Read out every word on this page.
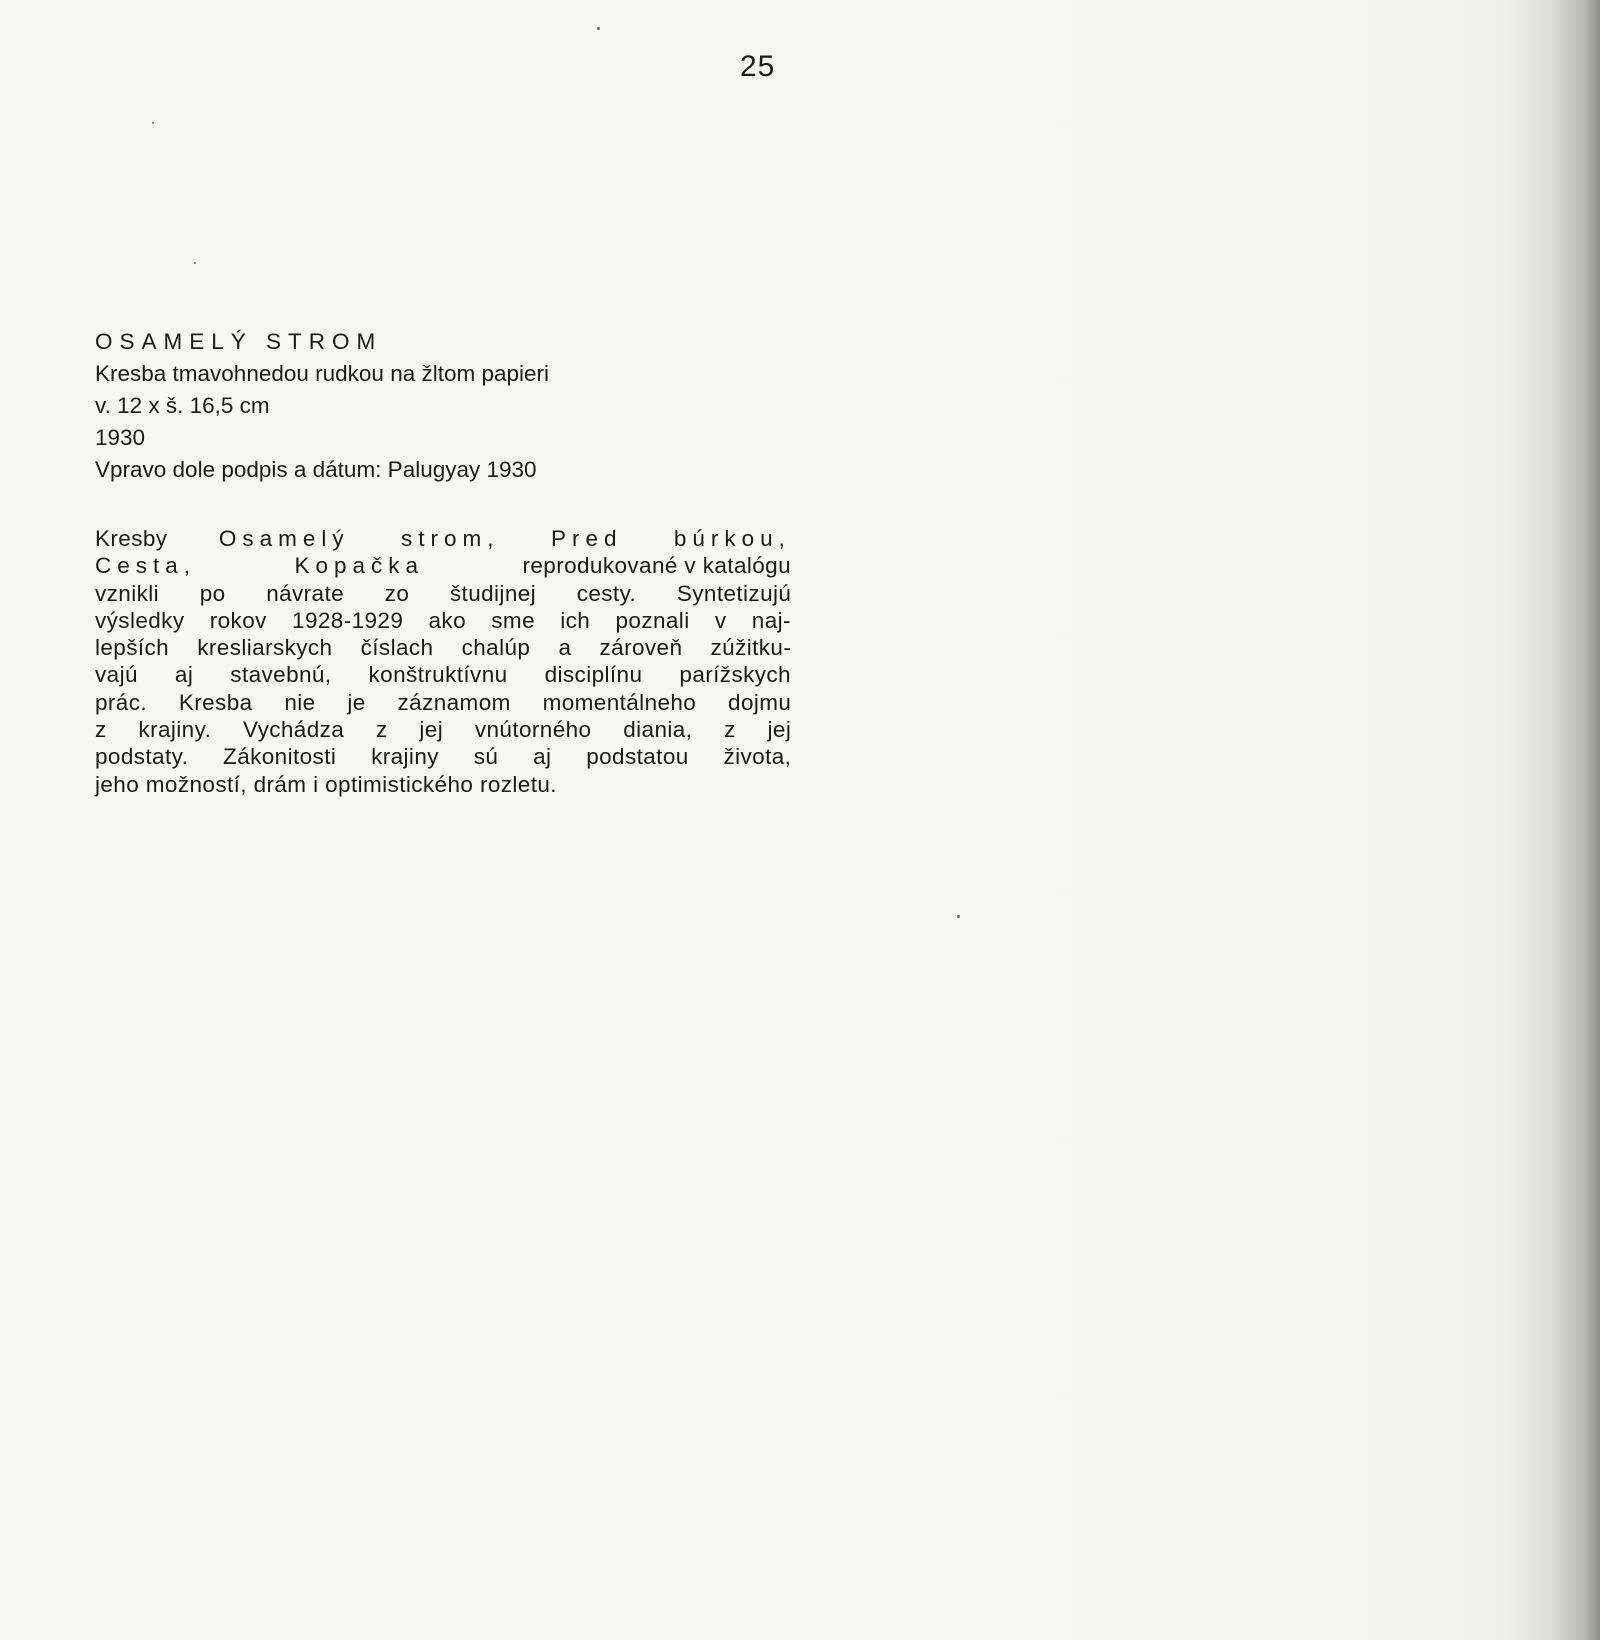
25
OSAMELÝ STROM
Kresba tmavohnedou rudkou na žltom papieri
v. 12 x š. 16,5 cm
1930
Vpravo dole podpis a dátum: Palugyay 1930
Kresby Osamelý strom, Pred búrkou,
Cesta,	Kopačka	reprodukované v katalógu
vznikli po návrate zo študijnej cesty. Syntetizujú
výsledky rokov 1928-1929 ako sme ich poznali v naj-
lepších kresliarskych číslach chalúp a zároveň zúžitku-
vajú aj stavebnú, konštruktívnu disciplínu parížskych
prác. Kresba nie je záznamom momentálneho dojmu
z krajiny. Vychádza z jej vnútorného diania, z jej
podstaty. Zákonitosti krajiny sú aj podstatou života,
jeho možností, drám i optimistického rozletu.
